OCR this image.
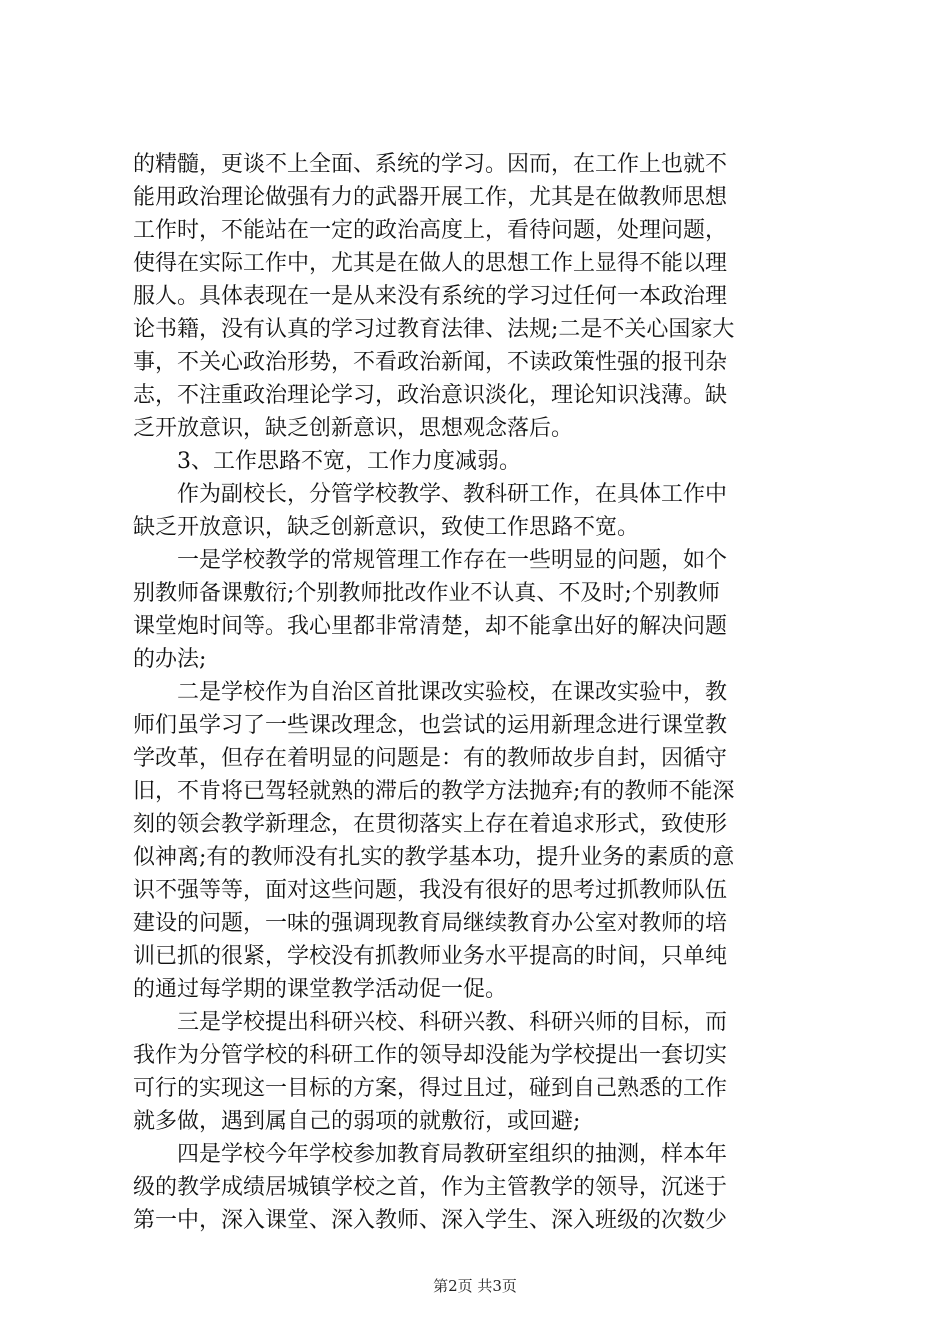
的精髓，更谈不上全面、系统的学习。因而，在工作上也就不
能用政治理论做强有力的武器开展工作，尤其是在做教师思想
工作时，不能站在一定的政治高度上，看待问题，处理问题，
使得在实际工作中，尤其是在做人的思想工作上显得不能以理
服人。具体表现在一是从来没有系统的学习过任何一本政治理
论书籍，没有认真的学习过教育法律、法规;二是不关心国家大
事，不关心政治形势，不看政治新闻，不读政策性强的报刊杂
志，不注重政治理论学习，政治意识淡化，理论知识浅薄。缺
乏开放意识，缺乏创新意识，思想观念落后。
　　3、工作思路不宽，工作力度减弱。
　　作为副校长，分管学校教学、教科研工作，在具体工作中
缺乏开放意识，缺乏创新意识，致使工作思路不宽。
　　一是学校教学的常规管理工作存在一些明显的问题，如个
别教师备课敷衍;个别教师批改作业不认真、不及时;个别教师
课堂炮时间等。我心里都非常清楚，却不能拿出好的解决问题
的办法;
　　二是学校作为自治区首批课改实验校，在课改实验中，教
师们虽学习了一些课改理念，也尝试的运用新理念进行课堂教
学改革，但存在着明显的问题是：有的教师故步自封，因循守
旧，不肯将已驾轻就熟的滞后的教学方法抛弃;有的教师不能深
刻的领会教学新理念，在贯彻落实上存在着追求形式，致使形
似神离;有的教师没有扎实的教学基本功，提升业务的素质的意
识不强等等，面对这些问题，我没有很好的思考过抓教师队伍
建设的问题，一味的强调现教育局继续教育办公室对教师的培
训已抓的很紧，学校没有抓教师业务水平提高的时间，只单纯
的通过每学期的课堂教学活动促一促。
　　三是学校提出科研兴校、科研兴教、科研兴师的目标，而
我作为分管学校的科研工作的领导却没能为学校提出一套切实
可行的实现这一目标的方案，得过且过，碰到自己熟悉的工作
就多做，遇到属自己的弱项的就敷衍，或回避;
　　四是学校今年学校参加教育局教研室组织的抽测，样本年
级的教学成绩居城镇学校之首，作为主管教学的领导，沉迷于
第一中，深入课堂、深入教师、深入学生、深入班级的次数少
第2页 共3页
